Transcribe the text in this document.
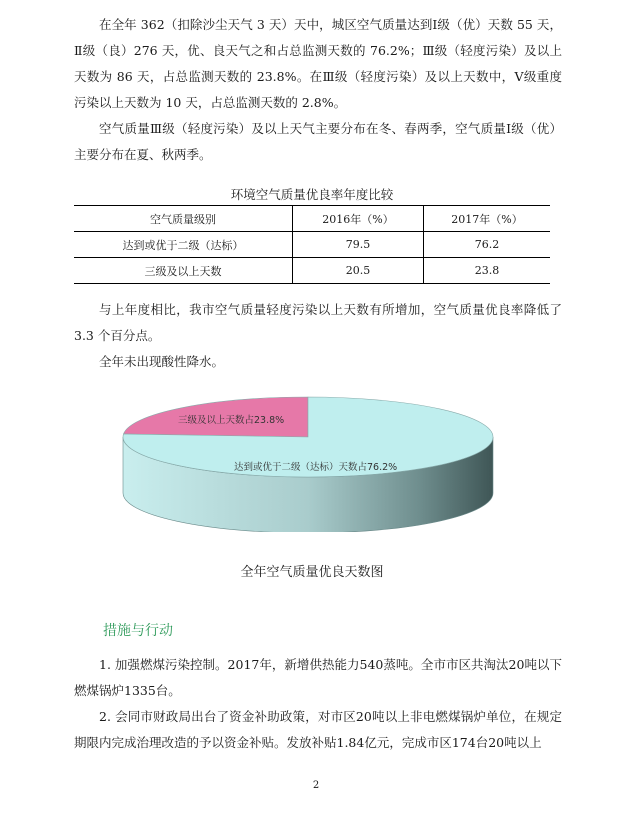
在全年 362（扣除沙尘天气 3 天）天中，城区空气质量达到Ⅰ级（优）天数 55 天，Ⅱ级（良）276 天，优、良天气之和占总监测天数的 76.2%；Ⅲ级（轻度污染）及以上天数为 86 天，占总监测天数的 23.8%。在Ⅲ级（轻度污染）及以上天数中，Ⅴ级重度污染以上天数为 10 天，占总监测天数的 2.8%。

空气质量Ⅲ级（轻度污染）及以上天气主要分布在冬、春两季，空气质量Ⅰ级（优）主要分布在夏、秋两季。

环境空气质量优良率年度比较
空气质量级别	2016年（%）	2017年（%）
达到或优于二级（达标）	79.5	76.2
三级及以上天数	20.5	23.8

与上年度相比，我市空气质量轻度污染以上天数有所增加，空气质量优良率降低了 3.3 个百分点。

全年未出现酸性降水。

三级及以上天数占23.8%
达到或优于二级（达标）天数占76.2%
全年空气质量优良天数图
措施与行动

1. 加强燃煤污染控制。2017年，新增供热能力540蒸吨。全市市区共淘汰20吨以下燃煤锅炉1335台。

2. 会同市财政局出台了资金补助政策，对市区20吨以上非电燃煤锅炉单位，在规定期限内完成治理改造的予以资金补贴。发放补贴1.84亿元，完成市区174台20吨以上

2
